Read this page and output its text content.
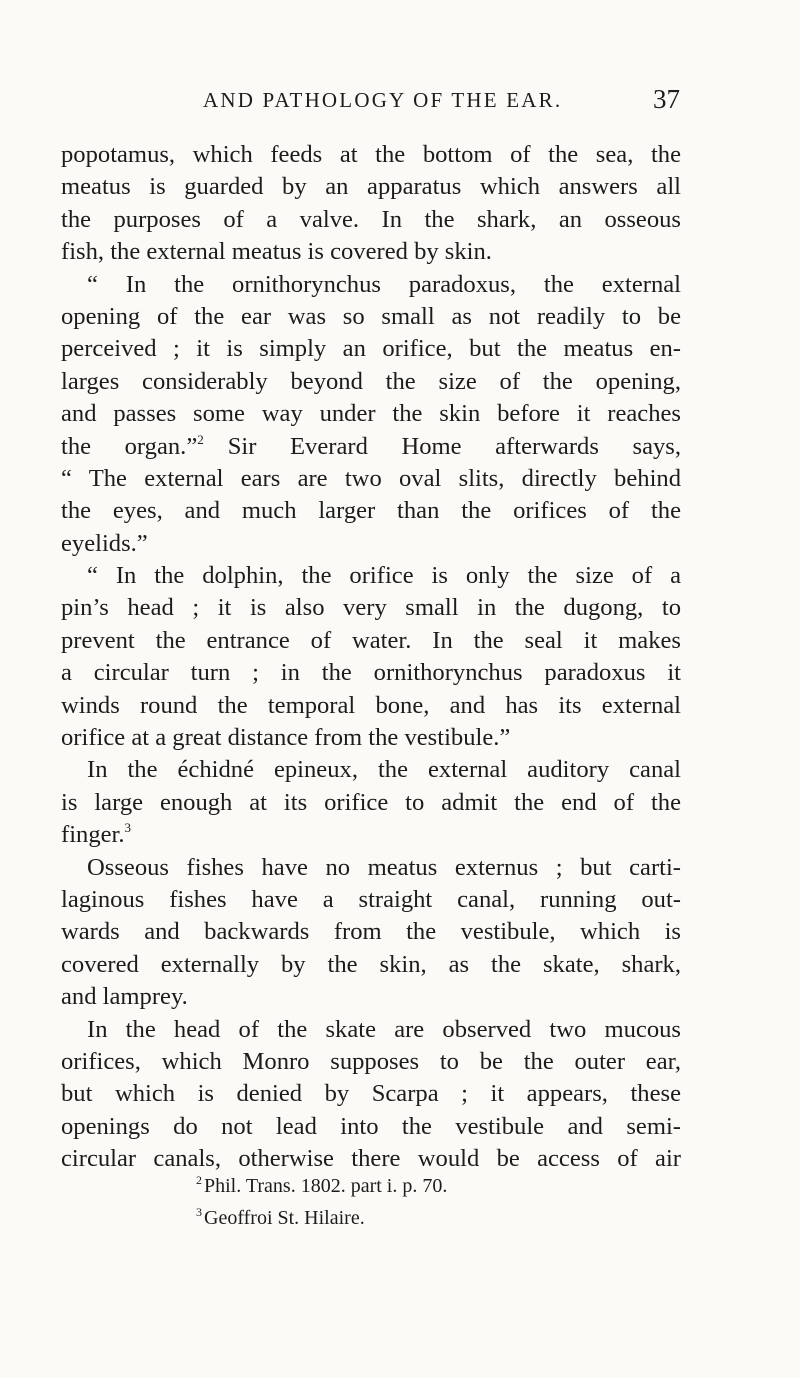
AND PATHOLOGY OF THE EAR.	37
popotamus, which feeds at the bottom of the sea, the
meatus is guarded by an apparatus which answers all
the purposes of a valve. In the shark, an osseous
fish, the external meatus is covered by skin.
“ In the ornithorynchus paradoxus, the external
opening of the ear was so small as not readily to be
perceived ; it is simply an orifice, but the meatus en-
larges considerably beyond the size of the opening,
and passes some way under the skin before it reaches
the organ.”$^2$ Sir Everard Home afterwards says,
“ The external ears are two oval slits, directly behind
the eyes, and much larger than the orifices of the
eyelids.”
“ In the dolphin, the orifice is only the size of a
pin’s head ; it is also very small in the dugong, to
prevent the entrance of water. In the seal it makes
a circular turn ; in the ornithorynchus paradoxus it
winds round the temporal bone, and has its external
orifice at a great distance from the vestibule.”
In the échidné epineux, the external auditory canal
is large enough at its orifice to admit the end of the
finger.$^3$
Osseous fishes have no meatus externus ; but carti-
laginous fishes have a straight canal, running out-
wards and backwards from the vestibule, which is
covered externally by the skin, as the skate, shark,
and lamprey.
In the head of the skate are observed two mucous
orifices, which Monro supposes to be the outer ear,
but which is denied by Scarpa ; it appears, these
openings do not lead into the vestibule and semi-
circular canals, otherwise there would be access of air
$^2$ Phil. Trans. 1802. part i. p. 70.
$^3$ Geoffroi St. Hilaire.
